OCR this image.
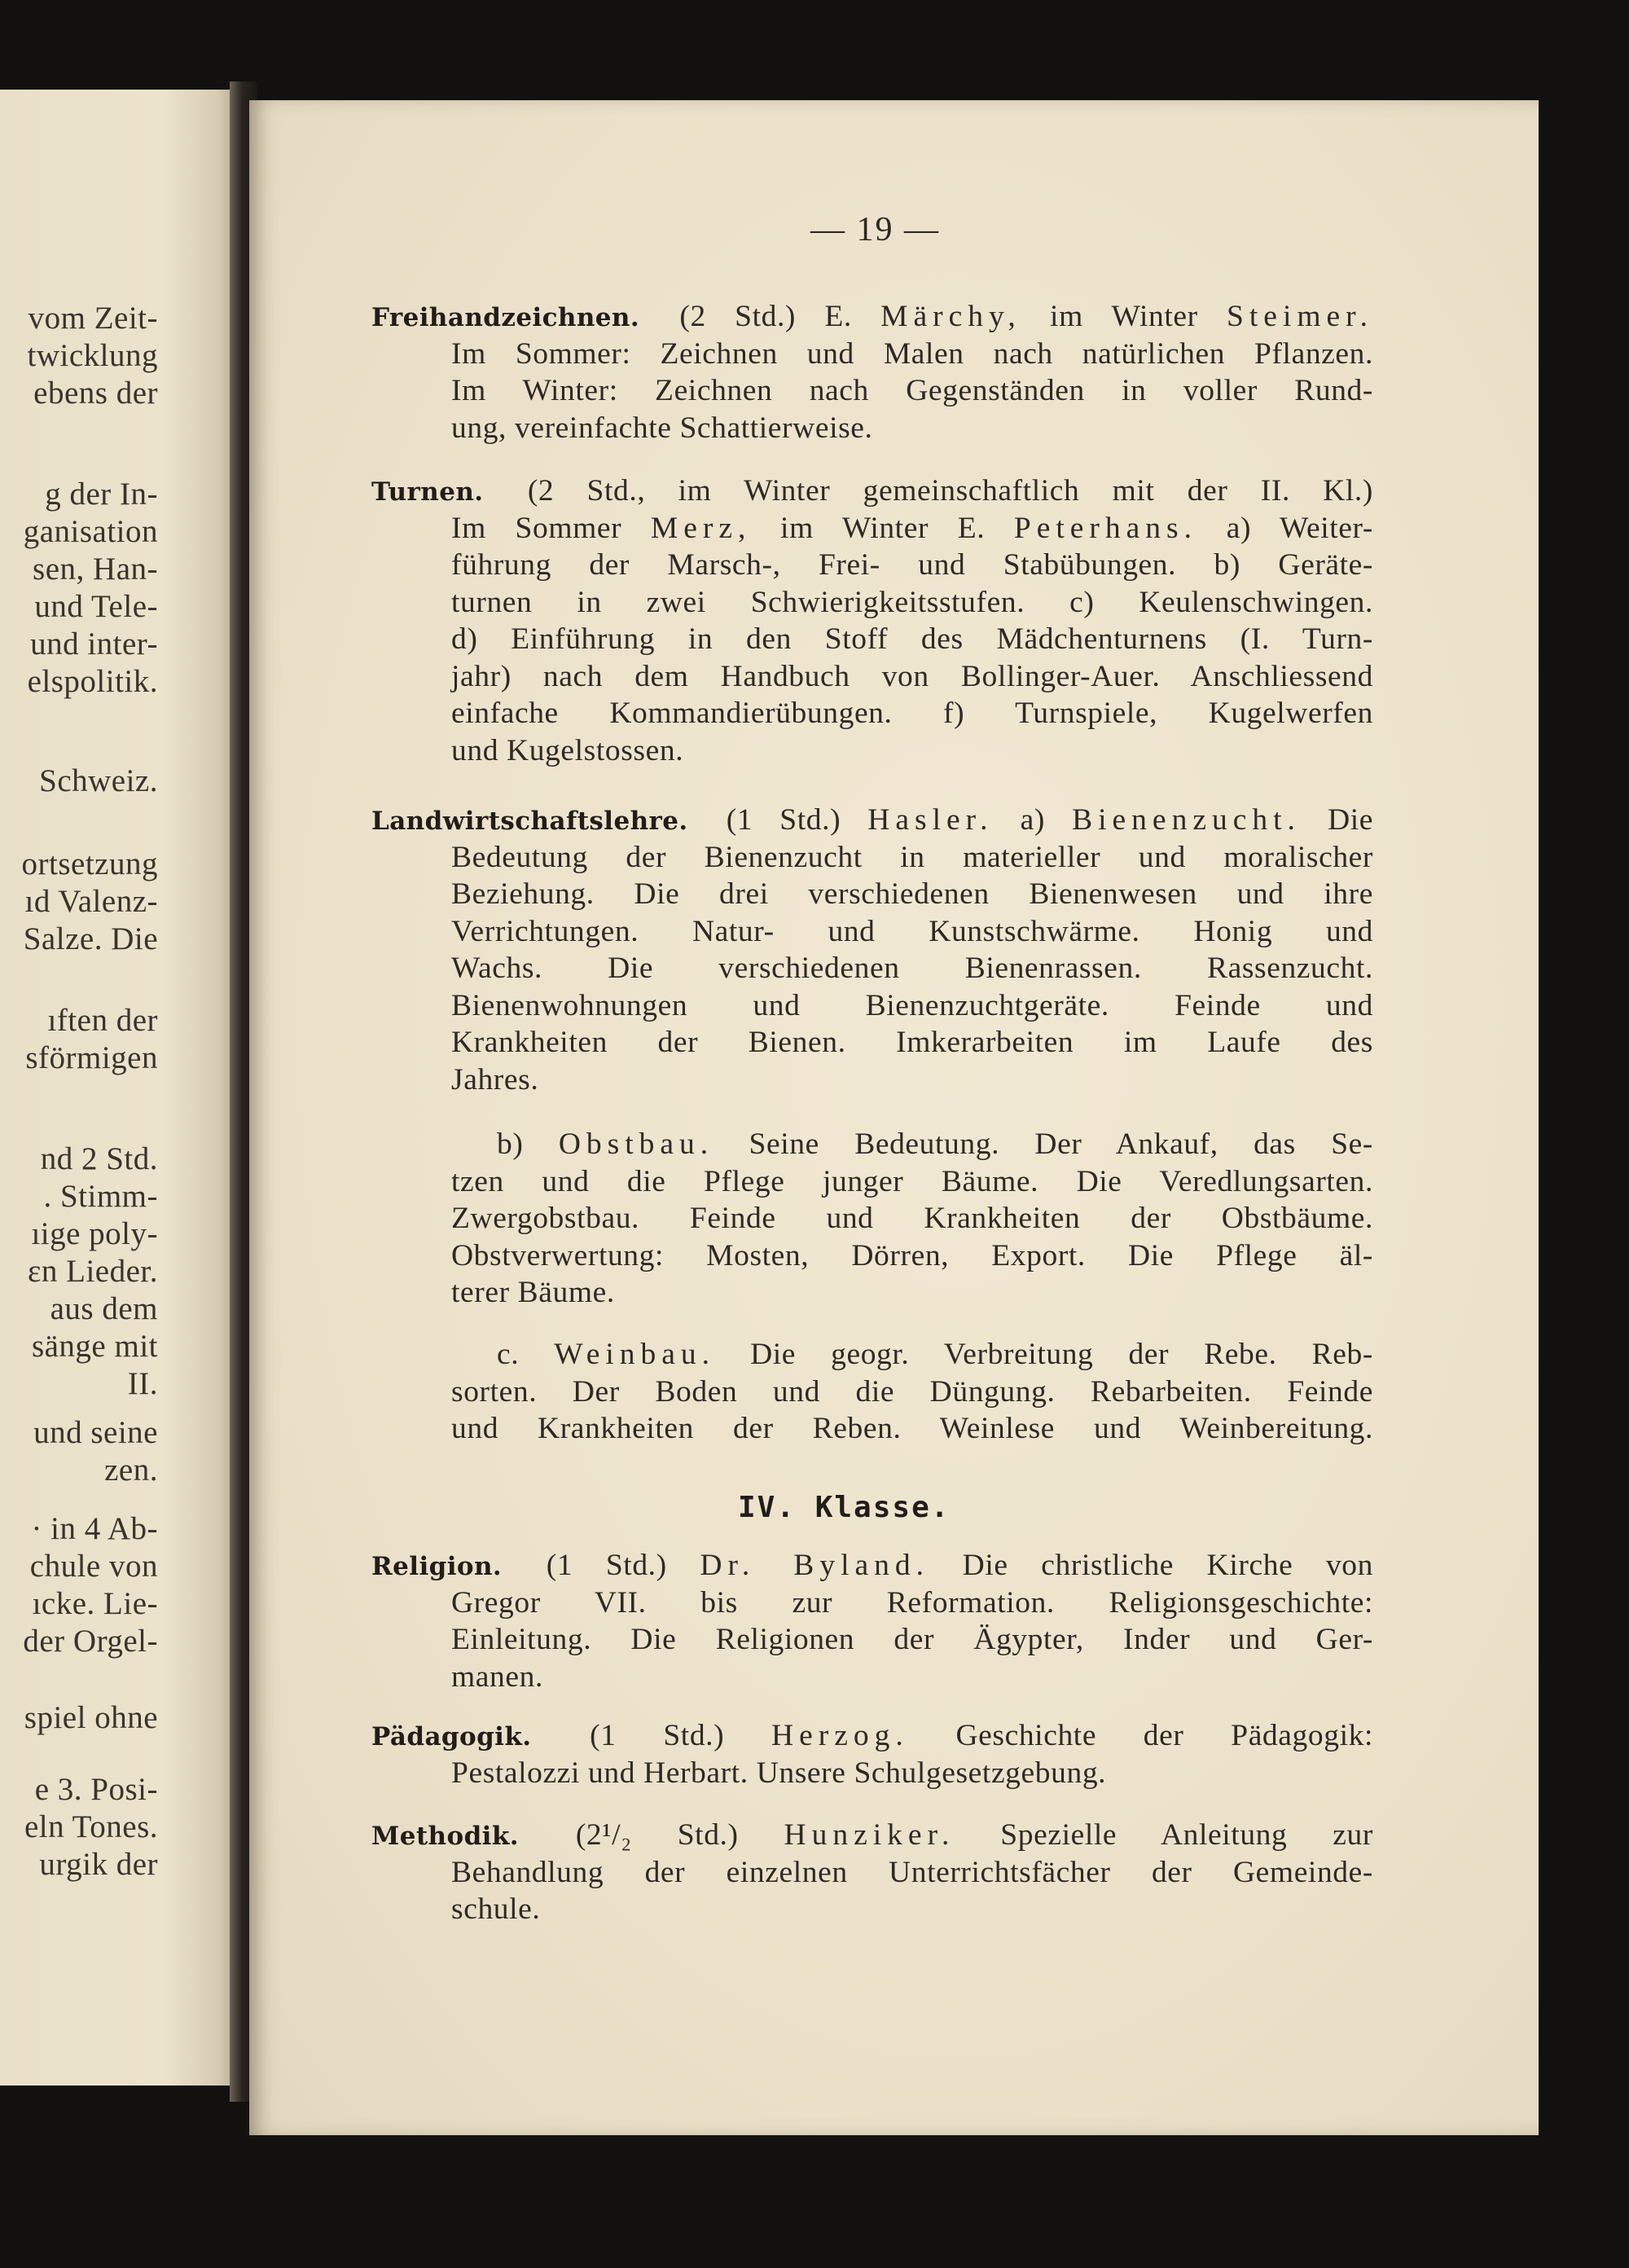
vom Zeit-
twicklung
ebens der
g der In-
ganisation
sen, Han-
und Tele-
und inter-
elspolitik.
Schweiz.
ortsetzung
ıd Valenz-
Salze. Die
ıften der
sförmigen
nd 2 Std.
. Stimm-
ıige poly-
ɛn Lieder.
aus dem
sänge mit
II.
und seine
zen.
· in 4 Ab-
chule von
ıcke. Lie-
der Orgel-
spiel ohne
e 3. Posi-
eln Tones.
urgik der
— 19 —
Freihandzeichnen. (2 Std.) E. Märchy, im Winter Steimer.
Im Sommer: Zeichnen und Malen nach natürlichen Pflanzen.
Im Winter: Zeichnen nach Gegenständen in voller Rund-
ung, vereinfachte Schattierweise.
Turnen. (2 Std., im Winter gemeinschaftlich mit der II. Kl.)
Im Sommer Merz, im Winter E. Peterhans. a) Weiter-
führung der Marsch-, Frei- und Stabübungen. b) Geräte-
turnen in zwei Schwierigkeitsstufen. c) Keulenschwingen.
d) Einführung in den Stoff des Mädchenturnens (I. Turn-
jahr) nach dem Handbuch von Bollinger-Auer. Anschliessend
einfache Kommandierübungen. f) Turnspiele, Kugelwerfen
und Kugelstossen.
Landwirtschaftslehre. (1 Std.) Hasler. a) Bienenzucht. Die
Bedeutung der Bienenzucht in materieller und moralischer
Beziehung. Die drei verschiedenen Bienenwesen und ihre
Verrichtungen. Natur- und Kunstschwärme. Honig und
Wachs. Die verschiedenen Bienenrassen. Rassenzucht.
Bienenwohnungen und Bienenzuchtgeräte. Feinde und
Krankheiten der Bienen. Imkerarbeiten im Laufe des
Jahres.
b) Obstbau. Seine Bedeutung. Der Ankauf, das Se-
tzen und die Pflege junger Bäume. Die Veredlungsarten.
Zwergobstbau. Feinde und Krankheiten der Obstbäume.
Obstverwertung: Mosten, Dörren, Export. Die Pflege äl-
terer Bäume.
c. Weinbau. Die geogr. Verbreitung der Rebe. Reb-
sorten. Der Boden und die Düngung. Rebarbeiten. Feinde
und Krankheiten der Reben. Weinlese und Weinbereitung.
IV. Klasse.
Religion. (1 Std.) Dr. Byland. Die christliche Kirche von
Gregor VII. bis zur Reformation. Religionsgeschichte:
Einleitung. Die Religionen der Ägypter, Inder und Ger-
manen.
Pädagogik. (1 Std.) Herzog. Geschichte der Pädagogik:
Pestalozzi und Herbart. Unsere Schulgesetzgebung.
Methodik. (2¹/₂ Std.) Hunziker. Spezielle Anleitung zur
Behandlung der einzelnen Unterrichtsfächer der Gemeinde-
schule.
